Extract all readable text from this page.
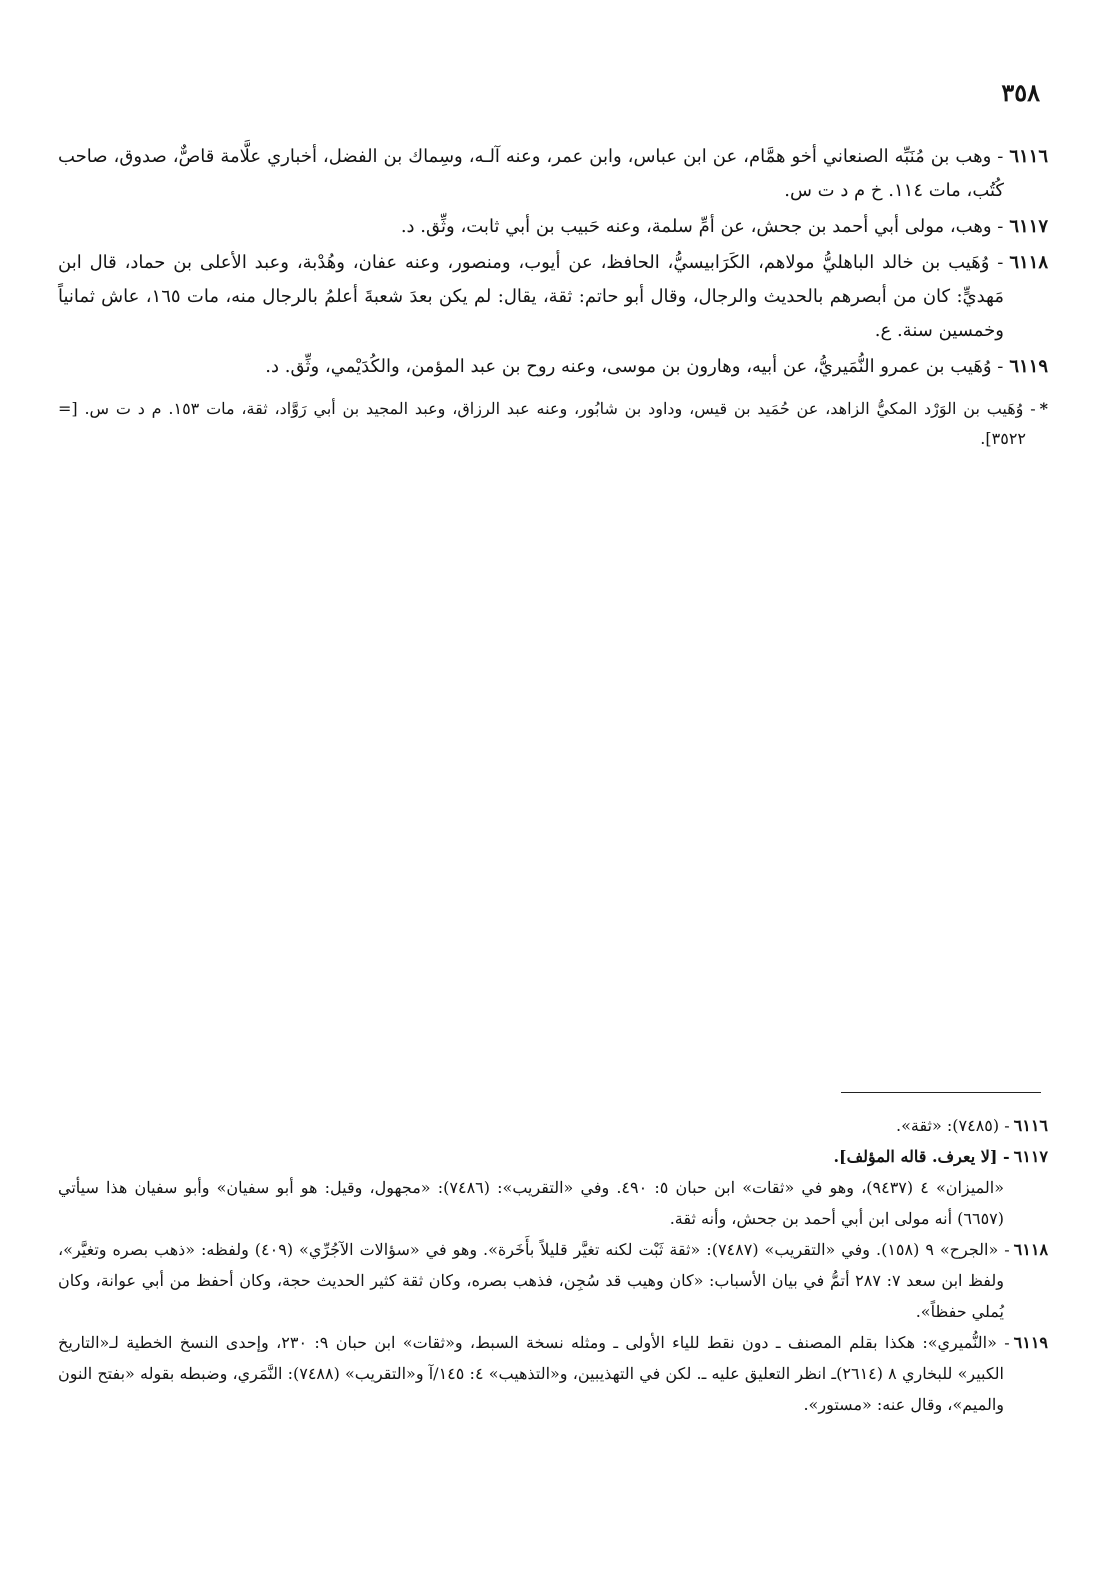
٣٥٨

٦١١٦- وهب بن مُنَبِّه الصنعاني أخو همَّام، عن ابن عباس، وابن عمر، وعنه آلـه، وسِماك بن الفضل، أخباري علَّامة قاصٌّ، صدوق، صاحب كُتُب، مات ١١٤. خ م د ت س.

٦١١٧- وهب، مولى أبي أحمد بن جحش، عن أمِّ سلمة، وعنه حَبيب بن أبي ثابت، وثِّق. د.

٦١١٨- وُهَيب بن خالد الباهليُّ مولاهم، الكَرَابيسيُّ، الحافظ، عن أيوب، ومنصور، وعنه عفان، وهُدْبة، وعبد الأعلى بن حماد، قال ابن مَهديٍّ: كان من أبصرهم بالحديث والرجال، وقال أبو حاتم: ثقة، يقال: لم يكن بعدَ شعبةَ أعلمُ بالرجال منه، مات ١٦٥، عاش ثمانياً وخمسين سنة. ع.

٦١١٩- وُهَيب بن عمرو النُّمَيريُّ، عن أبيه، وهارون بن موسى، وعنه روح بن عبد المؤمن، والكُدَيْمي، وثِّق. د.

*- وُهَيب بن الوَرْد المكيُّ الزاهد، عن حُمَيد بن قيس، وداود بن شابُور، وعنه عبد الرزاق، وعبد المجيد بن أبي رَوَّاد، ثقة، مات ١٥٣. م د ت س. [= ٣٥٢٢].

٦١١٦- (٧٤٨٥): «ثقة».

٦١١٧- [لا يعرف. قاله المؤلف].

«الميزان» ٤ (٩٤٣٧)، وهو في «ثقات» ابن حبان ٥: ٤٩٠. وفي «التقريب»: (٧٤٨٦): «مجهول، وقيل: هو أبو سفيان» وأبو سفيان هذا سيأتي (٦٦٥٧) أنه مولى ابن أبي أحمد بن جحش، وأنه ثقة.

٦١١٨- «الجرح» ٩ (١٥٨). وفي «التقريب» (٧٤٨٧): «ثقة ثَبْت لكنه تغيَّر قليلاً بأَخَرة». وهو في «سؤالات الآجُرِّي» (٤٠٩) ولفظه: «ذهب بصره وتغيَّر»، ولفظ ابن سعد ٧: ٢٨٧ أتمُّ في بيان الأسباب: «كان وهيب قد سُجِن، فذهب بصره، وكان ثقة كثير الحديث حجة، وكان أحفظ من أبي عوانة، وكان يُملي حفظاً».

٦١١٩- «النُّميري»: هكذا بقلم المصنف ـ دون نقط للياء الأولى ـ ومثله نسخة السبط، و«ثقات» ابن حبان ٩: ٢٣٠، وإحدى النسخ الخطية لـ«التاريخ الكبير» للبخاري ٨ (٢٦١٤)ـ انظر التعليق عليه ـ. لكن في التهذيبين، و«التذهيب» ٤: ١٤٥/آ و«التقريب» (٧٤٨٨): النَّمَري، وضبطه بقوله «بفتح النون والميم»، وقال عنه: «مستور».
